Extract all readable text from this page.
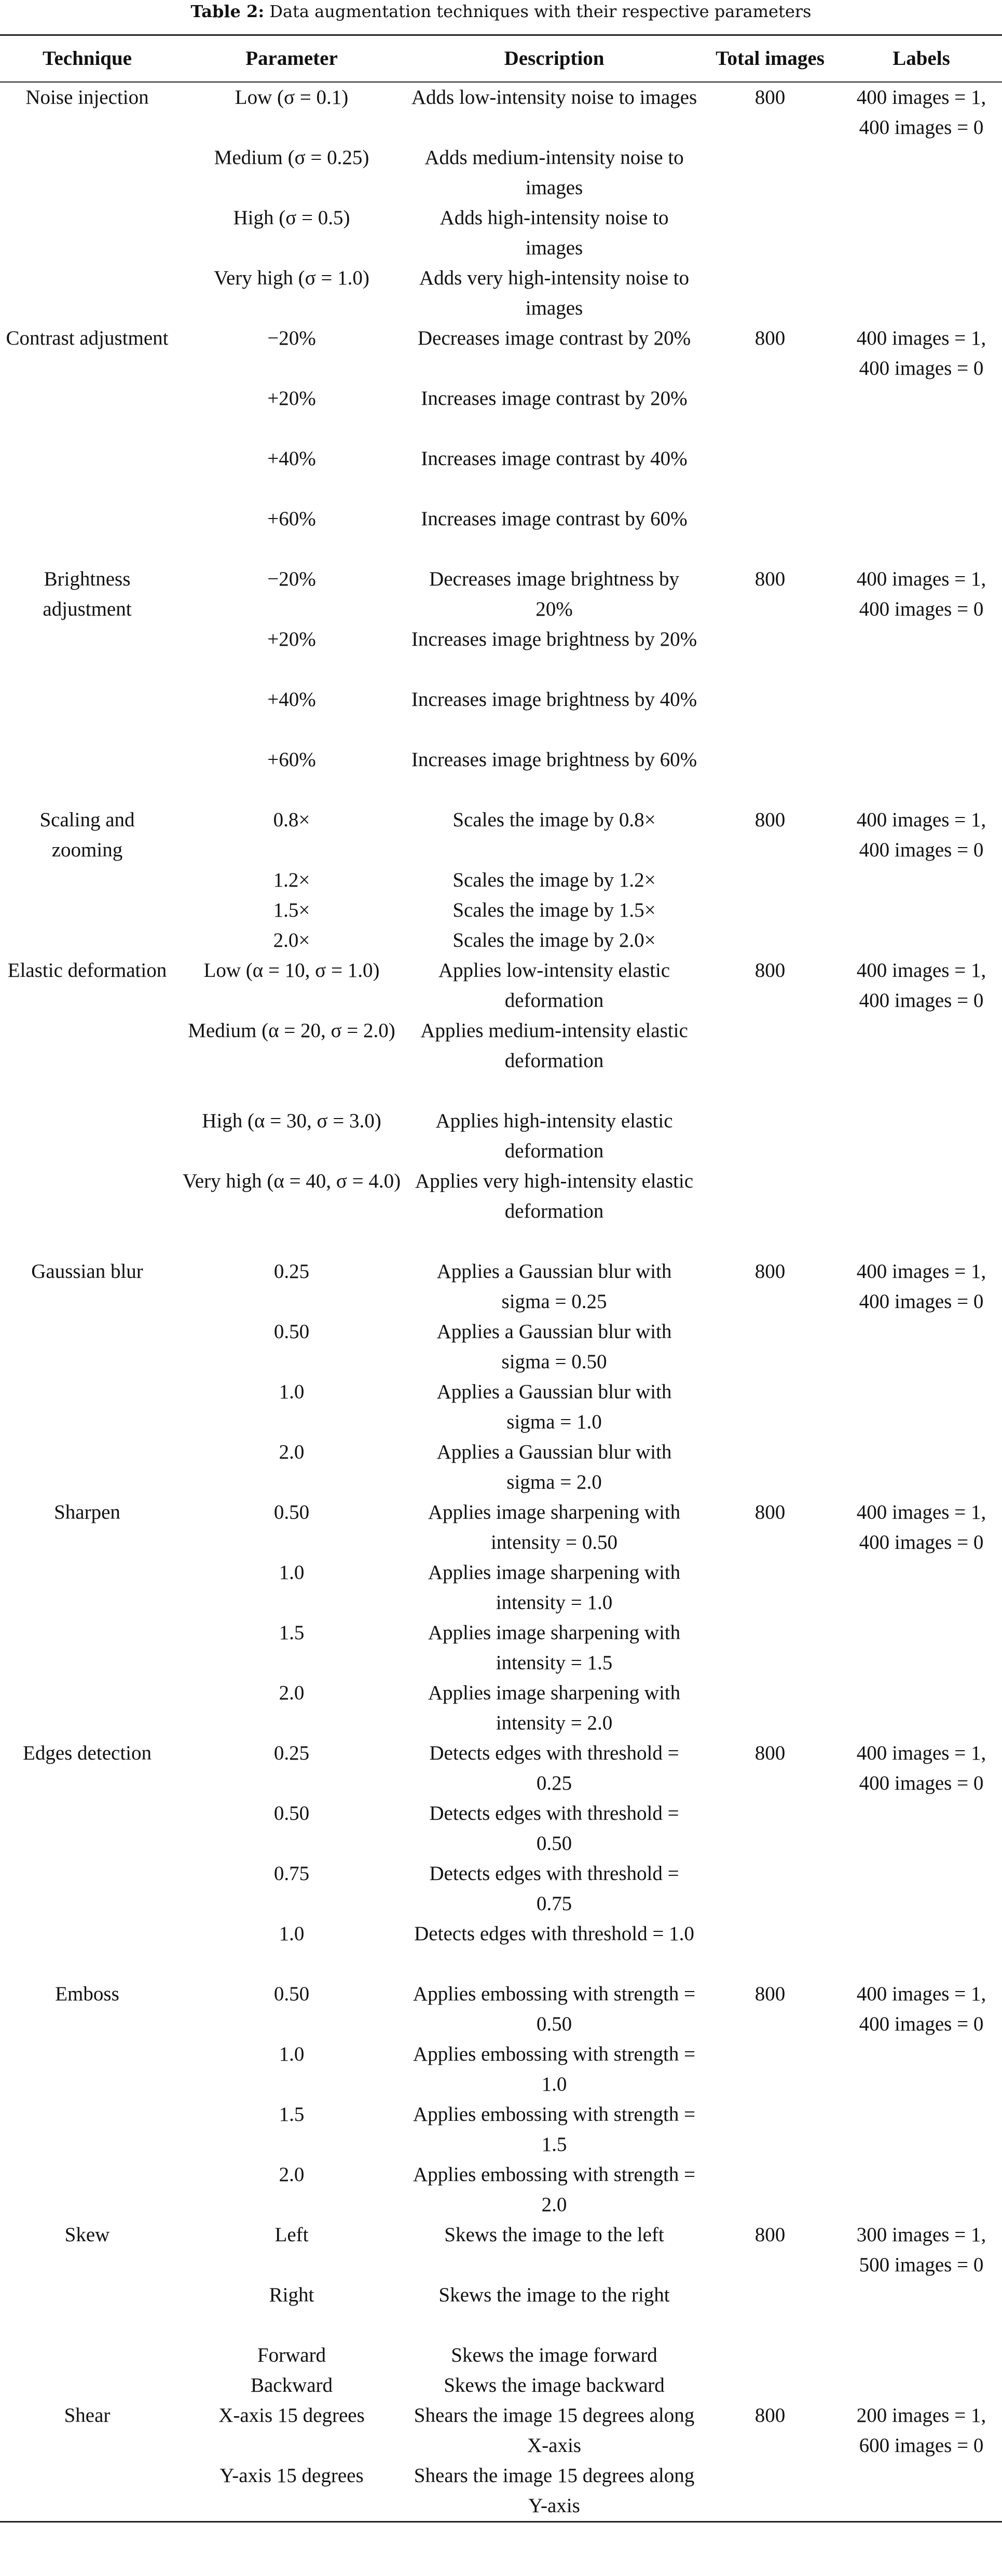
Table 2: Data augmentation techniques with their respective parameters
Technique	Parameter	Description	Total images	Labels
Noise injection	Low (σ = 0.1)	Adds low-intensity noise to images	800	400 images = 1, 400 images = 0
	Medium (σ = 0.25)	Adds medium-intensity noise to images		
	High (σ = 0.5)	Adds high-intensity noise to images		
	Very high (σ = 1.0)	Adds very high-intensity noise to images		
Contrast adjustment	−20%	Decreases image contrast by 20%	800	400 images = 1, 400 images = 0
	+20%	Increases image contrast by 20%		
	+40%	Increases image contrast by 40%		
	+60%	Increases image contrast by 60%		
Brightness adjustment	−20%	Decreases image brightness by 20%	800	400 images = 1, 400 images = 0
	+20%	Increases image brightness by 20%		
	+40%	Increases image brightness by 40%		
	+60%	Increases image brightness by 60%		
Scaling and zooming	0.8×	Scales the image by 0.8×	800	400 images = 1, 400 images = 0
	1.2×	Scales the image by 1.2×		
	1.5×	Scales the image by 1.5×		
	2.0×	Scales the image by 2.0×		
Elastic deformation	Low (α = 10, σ = 1.0)	Applies low-intensity elastic deformation	800	400 images = 1, 400 images = 0
	Medium (α = 20, σ = 2.0)	Applies medium-intensity elastic deformation		
	High (α = 30, σ = 3.0)	Applies high-intensity elastic deformation		
	Very high (α = 40, σ = 4.0)	Applies very high-intensity elastic deformation		
Gaussian blur	0.25	Applies a Gaussian blur with sigma = 0.25	800	400 images = 1, 400 images = 0
	0.50	Applies a Gaussian blur with sigma = 0.50		
	1.0	Applies a Gaussian blur with sigma = 1.0		
	2.0	Applies a Gaussian blur with sigma = 2.0		
Sharpen	0.50	Applies image sharpening with intensity = 0.50	800	400 images = 1, 400 images = 0
	1.0	Applies image sharpening with intensity = 1.0		
	1.5	Applies image sharpening with intensity = 1.5		
	2.0	Applies image sharpening with intensity = 2.0		
Edges detection	0.25	Detects edges with threshold = 0.25	800	400 images = 1, 400 images = 0
	0.50	Detects edges with threshold = 0.50		
	0.75	Detects edges with threshold = 0.75		
	1.0	Detects edges with threshold = 1.0		
Emboss	0.50	Applies embossing with strength = 0.50	800	400 images = 1, 400 images = 0
	1.0	Applies embossing with strength = 1.0		
	1.5	Applies embossing with strength = 1.5		
	2.0	Applies embossing with strength = 2.0		
Skew	Left	Skews the image to the left	800	300 images = 1, 500 images = 0
	Right	Skews the image to the right		
	Forward	Skews the image forward		
	Backward	Skews the image backward		
Shear	X-axis 15 degrees	Shears the image 15 degrees along X-axis	800	200 images = 1, 600 images = 0
	Y-axis 15 degrees	Shears the image 15 degrees along Y-axis		
